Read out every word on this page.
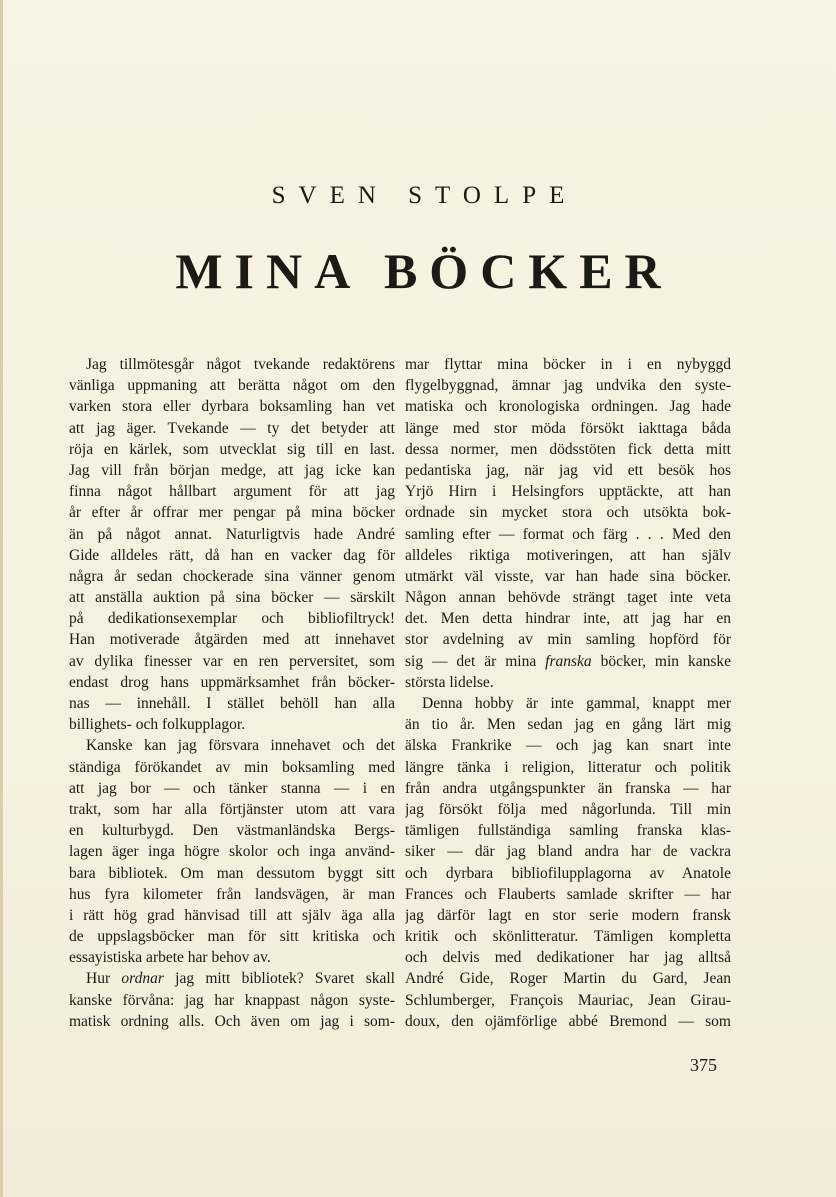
SVEN STOLPE
MINA BÖCKER
Jag tillmötesgår något tvekande redaktörens
vänliga uppmaning att berätta något om den
varken stora eller dyrbara boksamling han vet
att jag äger. Tvekande — ty det betyder att
röja en kärlek, som utvecklat sig till en last.
Jag vill från början medge, att jag icke kan
finna något hållbart argument för att jag
år efter år offrar mer pengar på mina böcker
än på något annat. Naturligtvis hade André
Gide alldeles rätt, då han en vacker dag för
några år sedan chockerade sina vänner genom
att anställa auktion på sina böcker — särskilt
på dedikationsexemplar och bibliofiltryck!
Han motiverade åtgärden med att innehavet
av dylika finesser var en ren perversitet, som
endast drog hans uppmärksamhet från böcker-
nas — innehåll. I stället behöll han alla
billighets- och folkupplagor.
Kanske kan jag försvara innehavet och det
ständiga förökandet av min boksamling med
att jag bor — och tänker stanna — i en
trakt, som har alla förtjänster utom att vara
en kulturbygd. Den västmanländska Bergs-
lagen äger inga högre skolor och inga använd-
bara bibliotek. Om man dessutom byggt sitt
hus fyra kilometer från landsvägen, är man
i rätt hög grad hänvisad till att själv äga alla
de uppslagsböcker man för sitt kritiska och
essayistiska arbete har behov av.
Hur ordnar jag mitt bibliotek? Svaret skall
kanske förvåna: jag har knappast någon syste-
matisk ordning alls. Och även om jag i som-
mar flyttar mina böcker in i en nybyggd
flygelbyggnad, ämnar jag undvika den syste-
matiska och kronologiska ordningen. Jag hade
länge med stor möda försökt iakttaga båda
dessa normer, men dödsstöten fick detta mitt
pedantiska jag, när jag vid ett besök hos
Yrjö Hirn i Helsingfors upptäckte, att han
ordnade sin mycket stora och utsökta bok-
samling efter — format och färg . . . Med den
alldeles riktiga motiveringen, att han själv
utmärkt väl visste, var han hade sina böcker.
Någon annan behövde strängt taget inte veta
det. Men detta hindrar inte, att jag har en
stor avdelning av min samling hopförd för
sig — det är mina franska böcker, min kanske
största lidelse.
Denna hobby är inte gammal, knappt mer
än tio år. Men sedan jag en gång lärt mig
älska Frankrike — och jag kan snart inte
längre tänka i religion, litteratur och politik
från andra utgångspunkter än franska — har
jag försökt följa med någorlunda. Till min
tämligen fullständiga samling franska klas-
siker — där jag bland andra har de vackra
och dyrbara bibliofilupplagorna av Anatole
Frances och Flauberts samlade skrifter — har
jag därför lagt en stor serie modern fransk
kritik och skönlitteratur. Tämligen kompletta
och delvis med dedikationer har jag alltså
André Gide, Roger Martin du Gard, Jean
Schlumberger, François Mauriac, Jean Girau-
doux, den ojämförlige abbé Bremond — som
375
